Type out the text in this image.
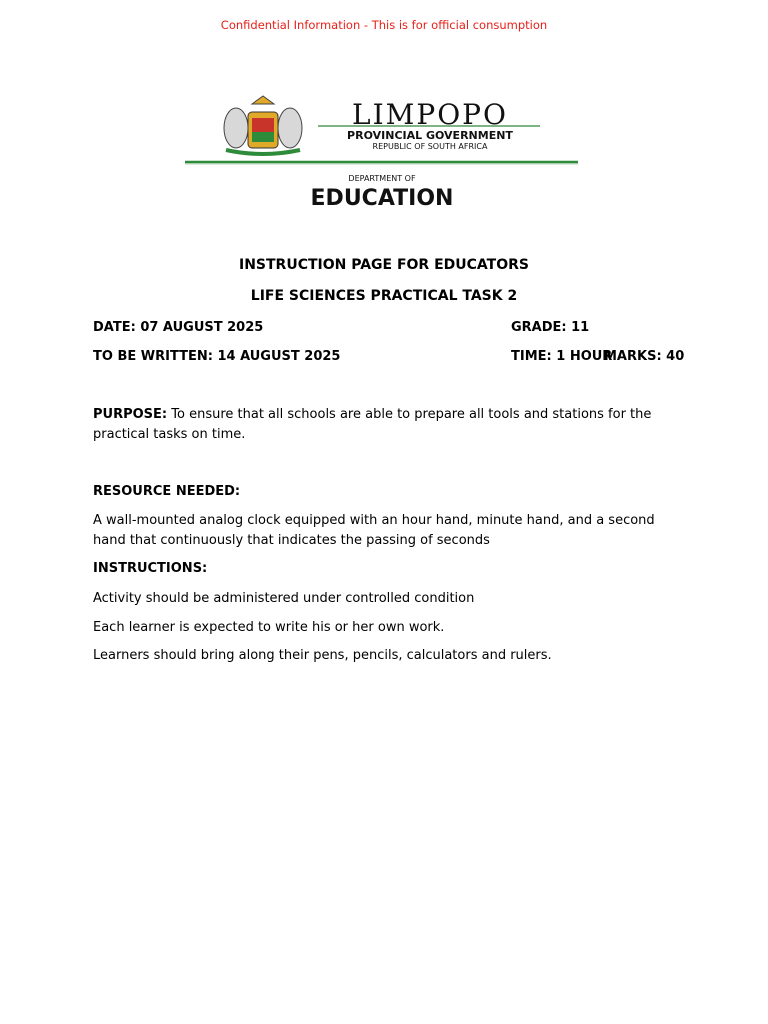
Confidential Information - This is for official consumption
LIMPOPO
PROVINCIAL GOVERNMENT
REPUBLIC OF SOUTH AFRICA
DEPARTMENT OF
EDUCATION
INSTRUCTION PAGE FOR EDUCATORS
LIFE SCIENCES PRACTICAL TASK 2
DATE: 07 AUGUST 2025	GRADE: 11
TO BE WRITTEN: 14 AUGUST 2025	TIME: 1 HOUR
MARKS: 40
PURPOSE: To ensure that all schools are able to prepare all tools and stations for the practical tasks on time.
RESOURCE NEEDED:
A wall-mounted analog clock equipped with an hour hand, minute hand, and a second hand that continuously that indicates the passing of seconds
INSTRUCTIONS:
Activity should be administered under controlled condition
Each learner is expected to write his or her own work.
Learners should bring along their pens, pencils, calculators and rulers.
